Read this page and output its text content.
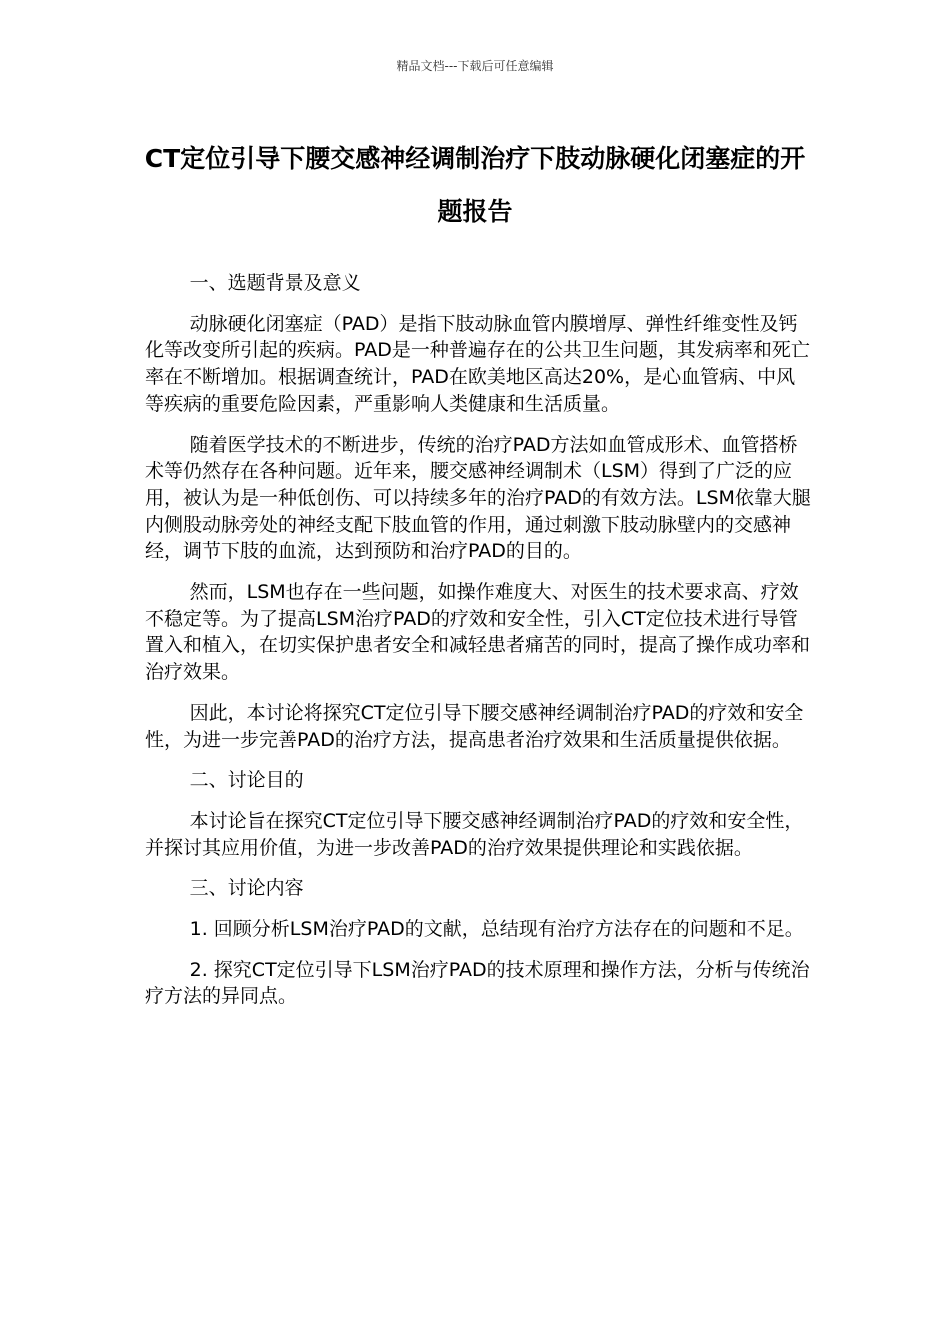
精品文档---下载后可任意编辑
CT定位引导下腰交感神经调制治疗下肢动脉硬化闭塞症的开题报告

一、选题背景及意义

动脉硬化闭塞症（PAD）是指下肢动脉血管内膜增厚、弹性纤维变性及钙化等改变所引起的疾病。PAD是一种普遍存在的公共卫生问题，其发病率和死亡率在不断增加。根据调查统计，PAD在欧美地区高达20%，是心血管病、中风等疾病的重要危险因素，严重影响人类健康和生活质量。

随着医学技术的不断进步，传统的治疗PAD方法如血管成形术、血管搭桥术等仍然存在各种问题。近年来，腰交感神经调制术（LSM）得到了广泛的应用，被认为是一种低创伤、可以持续多年的治疗PAD的有效方法。LSM依靠大腿内侧股动脉旁处的神经支配下肢血管的作用，通过刺激下肢动脉壁内的交感神经，调节下肢的血流，达到预防和治疗PAD的目的。

然而，LSM也存在一些问题，如操作难度大、对医生的技术要求高、疗效不稳定等。为了提高LSM治疗PAD的疗效和安全性，引入CT定位技术进行导管置入和植入，在切实保护患者安全和减轻患者痛苦的同时，提高了操作成功率和治疗效果。

因此，本讨论将探究CT定位引导下腰交感神经调制治疗PAD的疗效和安全性，为进一步完善PAD的治疗方法，提高患者治疗效果和生活质量提供依据。

二、讨论目的

本讨论旨在探究CT定位引导下腰交感神经调制治疗PAD的疗效和安全性，并探讨其应用价值，为进一步改善PAD的治疗效果提供理论和实践依据。

三、讨论内容

1. 回顾分析LSM治疗PAD的文献，总结现有治疗方法存在的问题和不足。

2. 探究CT定位引导下LSM治疗PAD的技术原理和操作方法，分析与传统治疗方法的异同点。
